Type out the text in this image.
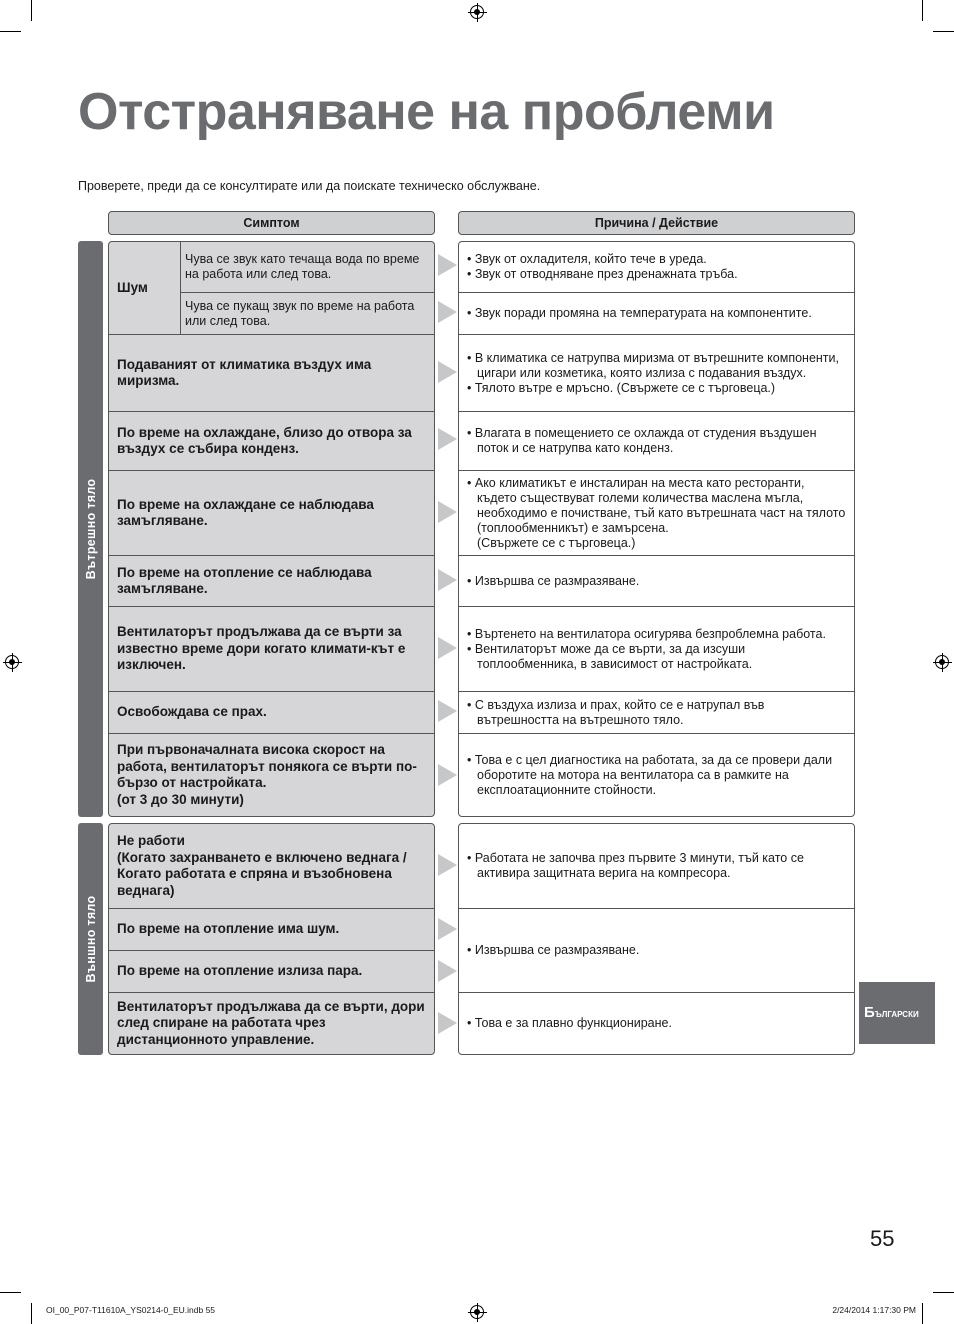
Отстраняване на проблеми
Проверете, преди да се консултирате или да поискате техническо обслужване.
Симптом	Причина / Действие
Вътрешно тяло
Външно тяло
Шум
Чува се звук като течаща вода по време на работа или след това.
Чува се пукащ звук по време на работа или след това.
Подаваният от климатика въздух има миризма.
По време на охлаждане, близо до отвора за въздух се събира конденз.
По време на охлаждане се наблюдава замъгляване.
По време на отопление се наблюдава замъгляване.
Вентилаторът продължава да се върти за известно време дори когато климати-кът е изключен.
Освобождава се прах.
При първоначалната висока скорост на работа, вентилаторът понякога се върти по-бързо от настройката.
(от 3 до 30 минути)
• Звук от охладителя, който тече в уреда.
• Звук от отводняване през дренажната тръба.
• Звук поради промяна на температурата на компонентите.
• В климатика се натрупва миризма от вътрешните компоненти, цигари или козметика, която излиза с подавания въздух.
• Тялото вътре е мръсно. (Свържете се с търговеца.)
• Влагата в помещението се охлажда от студения въздушен поток и се натрупва като конденз.
• Ако климатикът е инсталиран на места като ресторанти, където съществуват големи количества маслена мъгла, необходимо е почистване, тъй като вътрешната част на тялото (топлообменникът) е замърсена.
(Свържете се с търговеца.)
• Извършва се размразяване.
• Въртенето на вентилатора осигурява безпроблемна работа.
• Вентилаторът може да се върти, за да изсуши топлообменника, в зависимост от настройката.
• С въздуха излиза и прах, който се е натрупал във вътрешността на вътрешното тяло.
• Това е с цел диагностика на работата, за да се провери дали оборотите на мотора на вентилатора са в рамките на експлоатационните стойности.
Не работи
(Когато захранването е включено веднага / Когато работата е спряна и възобновена веднага)
По време на отопление има шум.
По време на отопление излиза пара.
Вентилаторът продължава да се върти, дори след спиране на работата чрез дистанционното управление.
• Работата не започва през първите 3 минути, тъй като се активира защитната верига на компресора.
• Извършва се размразяване.
• Това е за плавно функциониране.
БЪЛГАРСКИ
55
OI_00_P07-T11610A_YS0214-0_EU.indb 55	2/24/2014 1:17:30 PM
